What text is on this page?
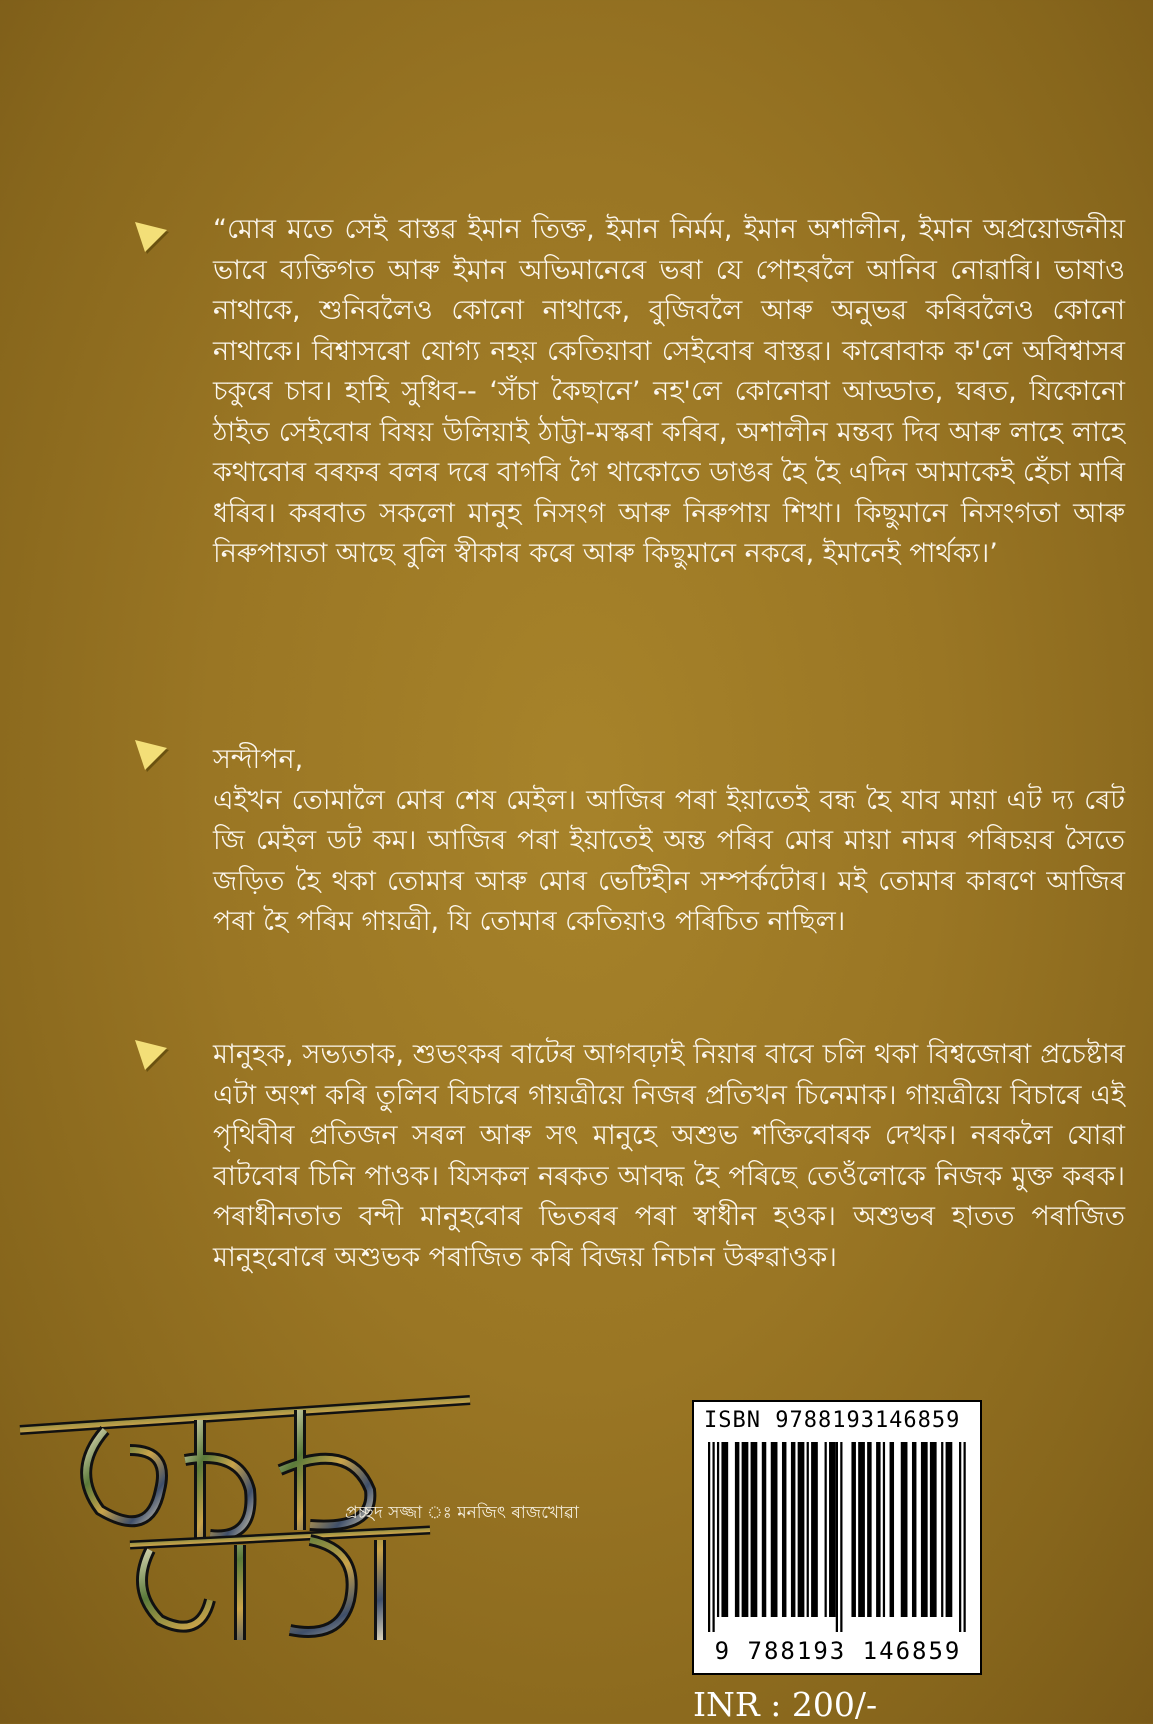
“মোৰ মতে সেই বাস্তৱ ইমান তিক্ত, ইমান নিৰ্মম, ইমান অশালীন, ইমান অপ্ৰয়োজনীয় ভাবে ব্যক্তিগত আৰু ইমান অভিমানেৰে ভৰা যে পোহৰলৈ আনিব নোৱাৰি। ভাষাও নাথাকে, শুনিবলৈও কোনো নাথাকে, বুজিবলৈ আৰু অনুভৱ কৰিবলৈও কোনো নাথাকে। বিশ্বাসৰো যোগ্য নহয় কেতিয়াবা সেইবোৰ বাস্তৱ। কাৰোবাক ক'লে অবিশ্বাসৰ চকুৰে চাব। হাহি সুধিব-- ‘সঁচা কৈছানে’ নহ'লে কোনোবা আড্ডাত, ঘৰত, যিকোনো ঠাইত সেইবোৰ বিষয় উলিয়াই ঠাট্টা-মস্কৰা কৰিব, অশালীন মন্তব্য দিব আৰু লাহে লাহে কথাবোৰ বৰফৰ বলৰ দৰে বাগৰি গৈ থাকোতে ডাঙৰ হৈ হৈ এদিন আমাকেই হেঁচা মাৰি ধৰিব। কৰবাত সকলো মানুহ নিসংগ আৰু নিৰুপায় শিখা। কিছুমানে নিসংগতা আৰু নিৰুপায়তা আছে বুলি স্বীকাৰ কৰে আৰু কিছুমানে নকৰে, ইমানেই পাৰ্থক্য।’
সন্দীপন,
এইখন তোমালৈ মোৰ শেষ মেইল। আজিৰ পৰা ইয়াতেই বন্ধ হৈ যাব মায়া এট দ্য ৰেট জি মেইল ডট কম। আজিৰ পৰা ইয়াতেই অন্ত পৰিব মোৰ মায়া নামৰ পৰিচয়ৰ সৈতে জড়িত হৈ থকা তোমাৰ আৰু মোৰ ভেটিহীন সম্পৰ্কটোৰ। মই তোমাৰ কাৰণে আজিৰ পৰা হৈ পৰিম গায়ত্ৰী, যি তোমাৰ কেতিয়াও পৰিচিত নাছিল।
মানুহক, সভ্যতাক, শুভংকৰ বাটেৰ আগবঢ়াই নিয়াৰ বাবে চলি থকা বিশ্বজোৰা প্ৰচেষ্টাৰ এটা অংশ কৰি তুলিব বিচাৰে গায়ত্ৰীয়ে নিজৰ প্ৰতিখন চিনেমাক। গায়ত্ৰীয়ে বিচাৰে এই পৃথিবীৰ প্ৰতিজন সৰল আৰু সৎ মানুহে অশুভ শক্তিবোৰক দেখক। নৰকলৈ যোৱা বাটবোৰ চিনি পাওক। যিসকল নৰকত আবদ্ধ হৈ পৰিছে তেওঁলোকে নিজক মুক্ত কৰক। পৰাধীনতাত বন্দী মানুহবোৰ ভিতৰৰ পৰা স্বাধীন হওক। অশুভৰ হাতত পৰাজিত মানুহবোৰে অশুভক পৰাজিত কৰি বিজয় নিচান উৰুৱাওক।
বিভ্ৰান্ত বাস্তৱ
প্ৰচ্ছদ সজ্জা ঃ মনজিৎ ৰাজখোৱা
ISBN 9788193146859
9 788193 146859
INR : 200/-
